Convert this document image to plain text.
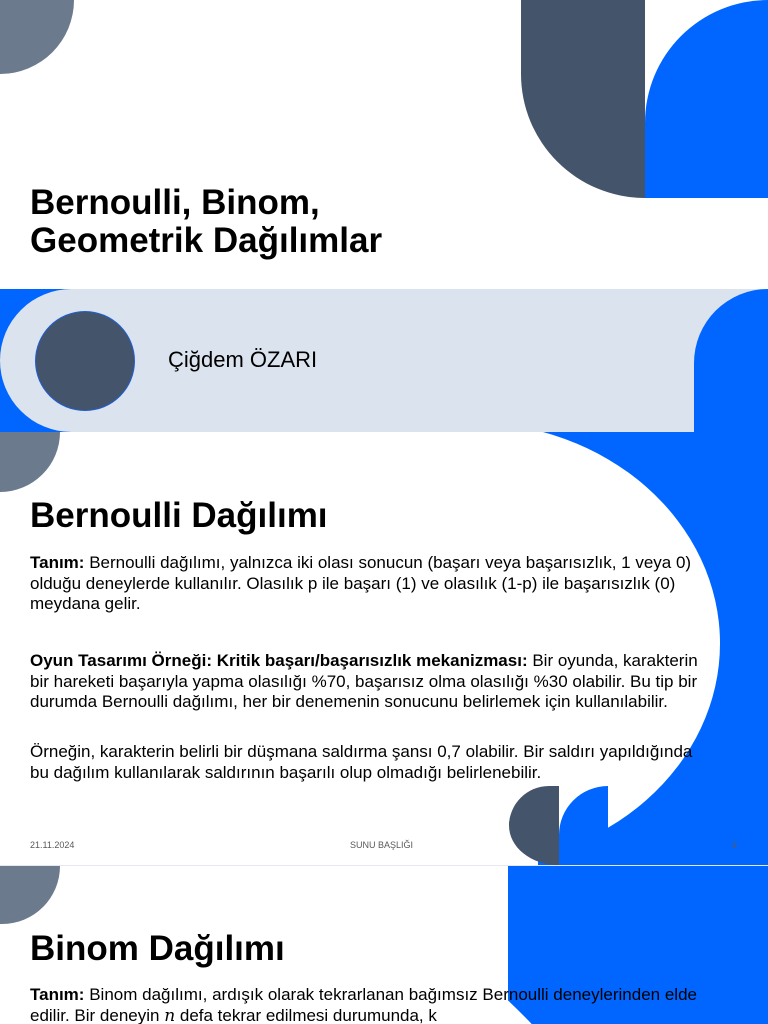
Bernoulli, Binom, Geometrik Dağılımlar

Çiğdem ÖZARI

Bernoulli Dağılımı

Tanım: Bernoulli dağılımı, yalnızca iki olası sonucun (başarı veya başarısızlık, 1 veya 0) olduğu deneylerde kullanılır. Olasılık p ile başarı (1) ve olasılık (1-p) ile başarısızlık (0) meydana gelir.

Oyun Tasarımı Örneği: Kritik başarı/başarısızlık mekanizması: Bir oyunda, karakterin bir hareketi başarıyla yapma olasılığı %70, başarısız olma olasılığı %30 olabilir. Bu tip bir durumda Bernoulli dağılımı, her bir denemenin sonucunu belirlemek için kullanılabilir.

Örneğin, karakterin belirli bir düşmana saldırma şansı 0,7 olabilir. Bir saldırı yapıldığında bu dağılım kullanılarak saldırının başarılı olup olmadığı belirlenebilir.

21.11.2024	SUNU BAŞLIĞI	2

Binom Dağılımı

Tanım: Binom dağılımı, ardışık olarak tekrarlanan bağımsız Bernoulli deneylerinden elde edilir. Bir deneyin n defa tekrar edilmesi durumunda, k
